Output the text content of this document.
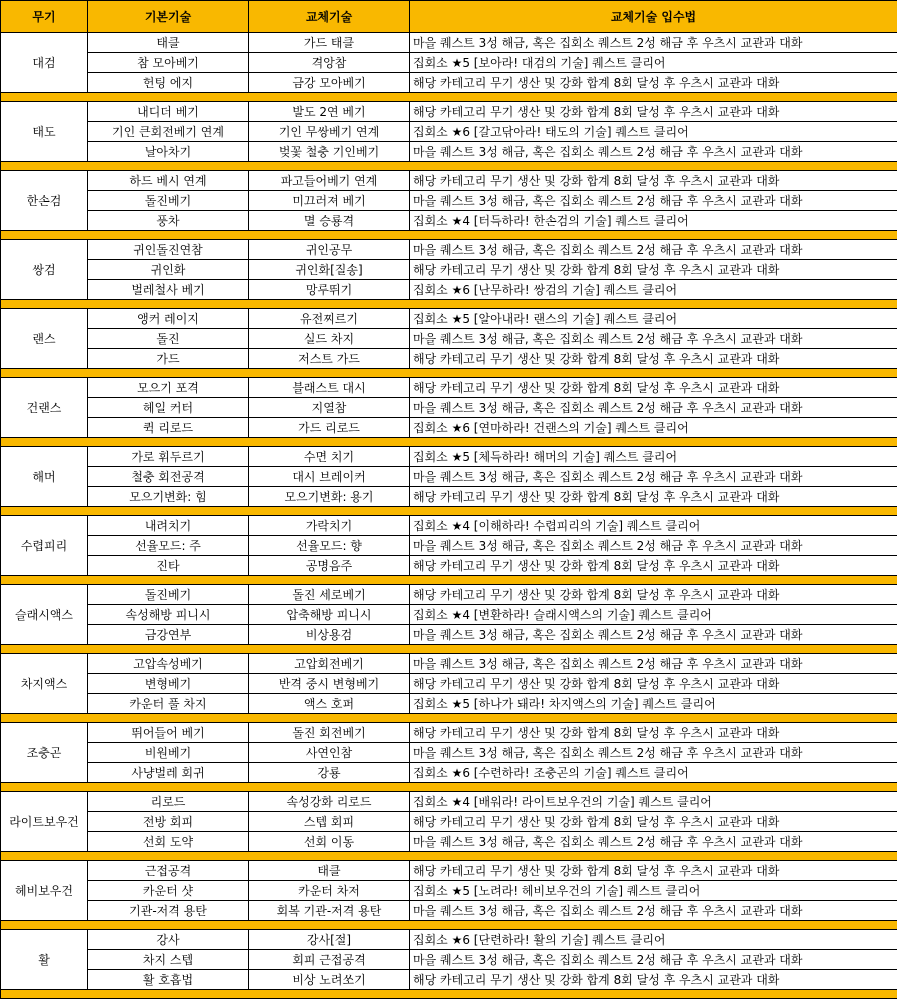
무기	기본기술	교체기술	교체기술 입수법
대검	태클	가드 태클	마을 퀘스트 3성 해금, 혹은 집회소 퀘스트 2성 해금 후 우츠시 교관과 대화
	참 모아베기	격앙참	집회소 ★5 [보아라! 대검의 기술] 퀘스트 클리어
	헌팅 에지	금강 모아베기	해당 카테고리 무기 생산 및 강화 합계 8회 달성 후 우츠시 교관과 대화

태도	내디더 베기	발도 2연 베기	해당 카테고리 무기 생산 및 강화 합계 8회 달성 후 우츠시 교관과 대화
	기인 큰회전베기 연계	기인 무쌍베기 연계	집회소 ★6 [갈고닦아라! 태도의 기술] 퀘스트 클리어
	날아차기	벚꽃 철충 기인베기	마을 퀘스트 3성 해금, 혹은 집회소 퀘스트 2성 해금 후 우츠시 교관과 대화

한손검	하드 베시 연계	파고들어베기 연계	해당 카테고리 무기 생산 및 강화 합계 8회 달성 후 우츠시 교관과 대화
	돌진베기	미끄러져 베기	마을 퀘스트 3성 해금, 혹은 집회소 퀘스트 2성 해금 후 우츠시 교관과 대화
	풍차	멸 승룡격	집회소 ★4 [터득하라! 한손검의 기술] 퀘스트 클리어

쌍검	귀인돌진연참	귀인공무	마을 퀘스트 3성 해금, 혹은 집회소 퀘스트 2성 해금 후 우츠시 교관과 대화
	귀인화	귀인화[질송]	해당 카테고리 무기 생산 및 강화 합계 8회 달성 후 우츠시 교관과 대화
	벌레철사 베기	망루뛰기	집회소 ★6 [난무하라! 쌍검의 기술] 퀘스트 클리어

랜스	앵커 레이지	유전찌르기	집회소 ★5 [알아내라! 랜스의 기술] 퀘스트 클리어
	돌진	실드 차지	마을 퀘스트 3성 해금, 혹은 집회소 퀘스트 2성 해금 후 우츠시 교관과 대화
	가드	저스트 가드	해당 카테고리 무기 생산 및 강화 합계 8회 달성 후 우츠시 교관과 대화

건랜스	모으기 포격	블래스트 대시	해당 카테고리 무기 생산 및 강화 합계 8회 달성 후 우츠시 교관과 대화
	헤일 커터	지열참	마을 퀘스트 3성 해금, 혹은 집회소 퀘스트 2성 해금 후 우츠시 교관과 대화
	퀵 리로드	가드 리로드	집회소 ★6 [연마하라! 건랜스의 기술] 퀘스트 클리어

해머	가로 휘두르기	수면 치기	집회소 ★5 [체득하라! 해머의 기술] 퀘스트 클리어
	철충 회전공격	대시 브레이커	마을 퀘스트 3성 해금, 혹은 집회소 퀘스트 2성 해금 후 우츠시 교관과 대화
	모으기변화: 힘	모으기변화: 용기	해당 카테고리 무기 생산 및 강화 합계 8회 달성 후 우츠시 교관과 대화

수렵피리	내려치기	가락치기	집회소 ★4 [이해하라! 수렵피리의 기술] 퀘스트 클리어
	선율모드: 주	선율모드: 향	마을 퀘스트 3성 해금, 혹은 집회소 퀘스트 2성 해금 후 우츠시 교관과 대화
	진타	공명음주	해당 카테고리 무기 생산 및 강화 합계 8회 달성 후 우츠시 교관과 대화

슬래시액스	돌진베기	돌진 세로베기	해당 카테고리 무기 생산 및 강화 합계 8회 달성 후 우츠시 교관과 대화
	속성해방 피니시	압축해방 피니시	집회소 ★4 [변환하라! 슬래시액스의 기술] 퀘스트 클리어
	금강연부	비상용검	마을 퀘스트 3성 해금, 혹은 집회소 퀘스트 2성 해금 후 우츠시 교관과 대화

차지액스	고압속성베기	고압회전베기	마을 퀘스트 3성 해금, 혹은 집회소 퀘스트 2성 해금 후 우츠시 교관과 대화
	변형베기	반격 중시 변형베기	해당 카테고리 무기 생산 및 강화 합계 8회 달성 후 우츠시 교관과 대화
	카운터 풀 차지	액스 호퍼	집회소 ★5 [하나가 돼라! 차지액스의 기술] 퀘스트 클리어

조충곤	뛰어들어 베기	돌진 회전베기	해당 카테고리 무기 생산 및 강화 합계 8회 달성 후 우츠시 교관과 대화
	비원베기	사연인참	마을 퀘스트 3성 해금, 혹은 집회소 퀘스트 2성 해금 후 우츠시 교관과 대화
	사냥벌레 회귀	강룡	집회소 ★6 [수련하라! 조충곤의 기술] 퀘스트 클리어

라이트보우건	리로드	속성강화 리로드	집회소 ★4 [배워라! 라이트보우건의 기술] 퀘스트 클리어
	전방 회피	스텝 회피	해당 카테고리 무기 생산 및 강화 합계 8회 달성 후 우츠시 교관과 대화
	선회 도약	선회 이동	마을 퀘스트 3성 해금, 혹은 집회소 퀘스트 2성 해금 후 우츠시 교관과 대화

헤비보우건	근접공격	태클	해당 카테고리 무기 생산 및 강화 합계 8회 달성 후 우츠시 교관과 대화
	카운터 샷	카운터 차저	집회소 ★5 [노려라! 헤비보우건의 기술] 퀘스트 클리어
	기관-저격 용탄	회복 기관-저격 용탄	마을 퀘스트 3성 해금, 혹은 집회소 퀘스트 2성 해금 후 우츠시 교관과 대화

활	강사	강사[절]	집회소 ★6 [단련하라! 활의 기술] 퀘스트 클리어
	차지 스텝	회피 근접공격	마을 퀘스트 3성 해금, 혹은 집회소 퀘스트 2성 해금 후 우츠시 교관과 대화
	활 호흡법	비상 노려쏘기	해당 카테고리 무기 생산 및 강화 합계 8회 달성 후 우츠시 교관과 대화
